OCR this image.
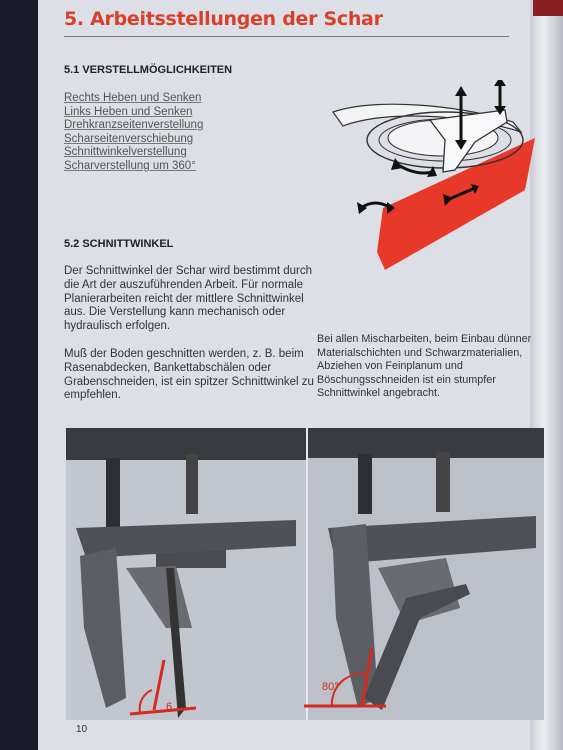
5. Arbeitsstellungen der Schar
5.1 VERSTELLMÖGLICHKEITEN
Rechts Heben und Senken
Links Heben und Senken
Drehkranzseitenverstellung
Scharseitenverschiebung
Schnittwinkelverstellung
Scharverstellung um 360°
5.2 SCHNITTWINKEL

Der Schnittwinkel der Schar wird bestimmt durch die Art der auszuführenden Arbeit. Für normale Planierarbeiten reicht der mittlere Schnittwinkel aus. Die Verstellung kann mechanisch oder hydraulisch erfolgen.

Muß der Boden geschnitten werden, z. B. beim Rasenabdecken, Bankettabschälen oder Grabenschneiden, ist ein spitzer Schnittwinkel zu empfehlen.

Bei allen Mischarbeiten, beim Einbau dünner Materialschichten und Schwarzmaterialien, Abziehen von Feinplanum und Böschungsschneiden ist ein stumpfer Schnittwinkel angebracht.

6
80°
10
